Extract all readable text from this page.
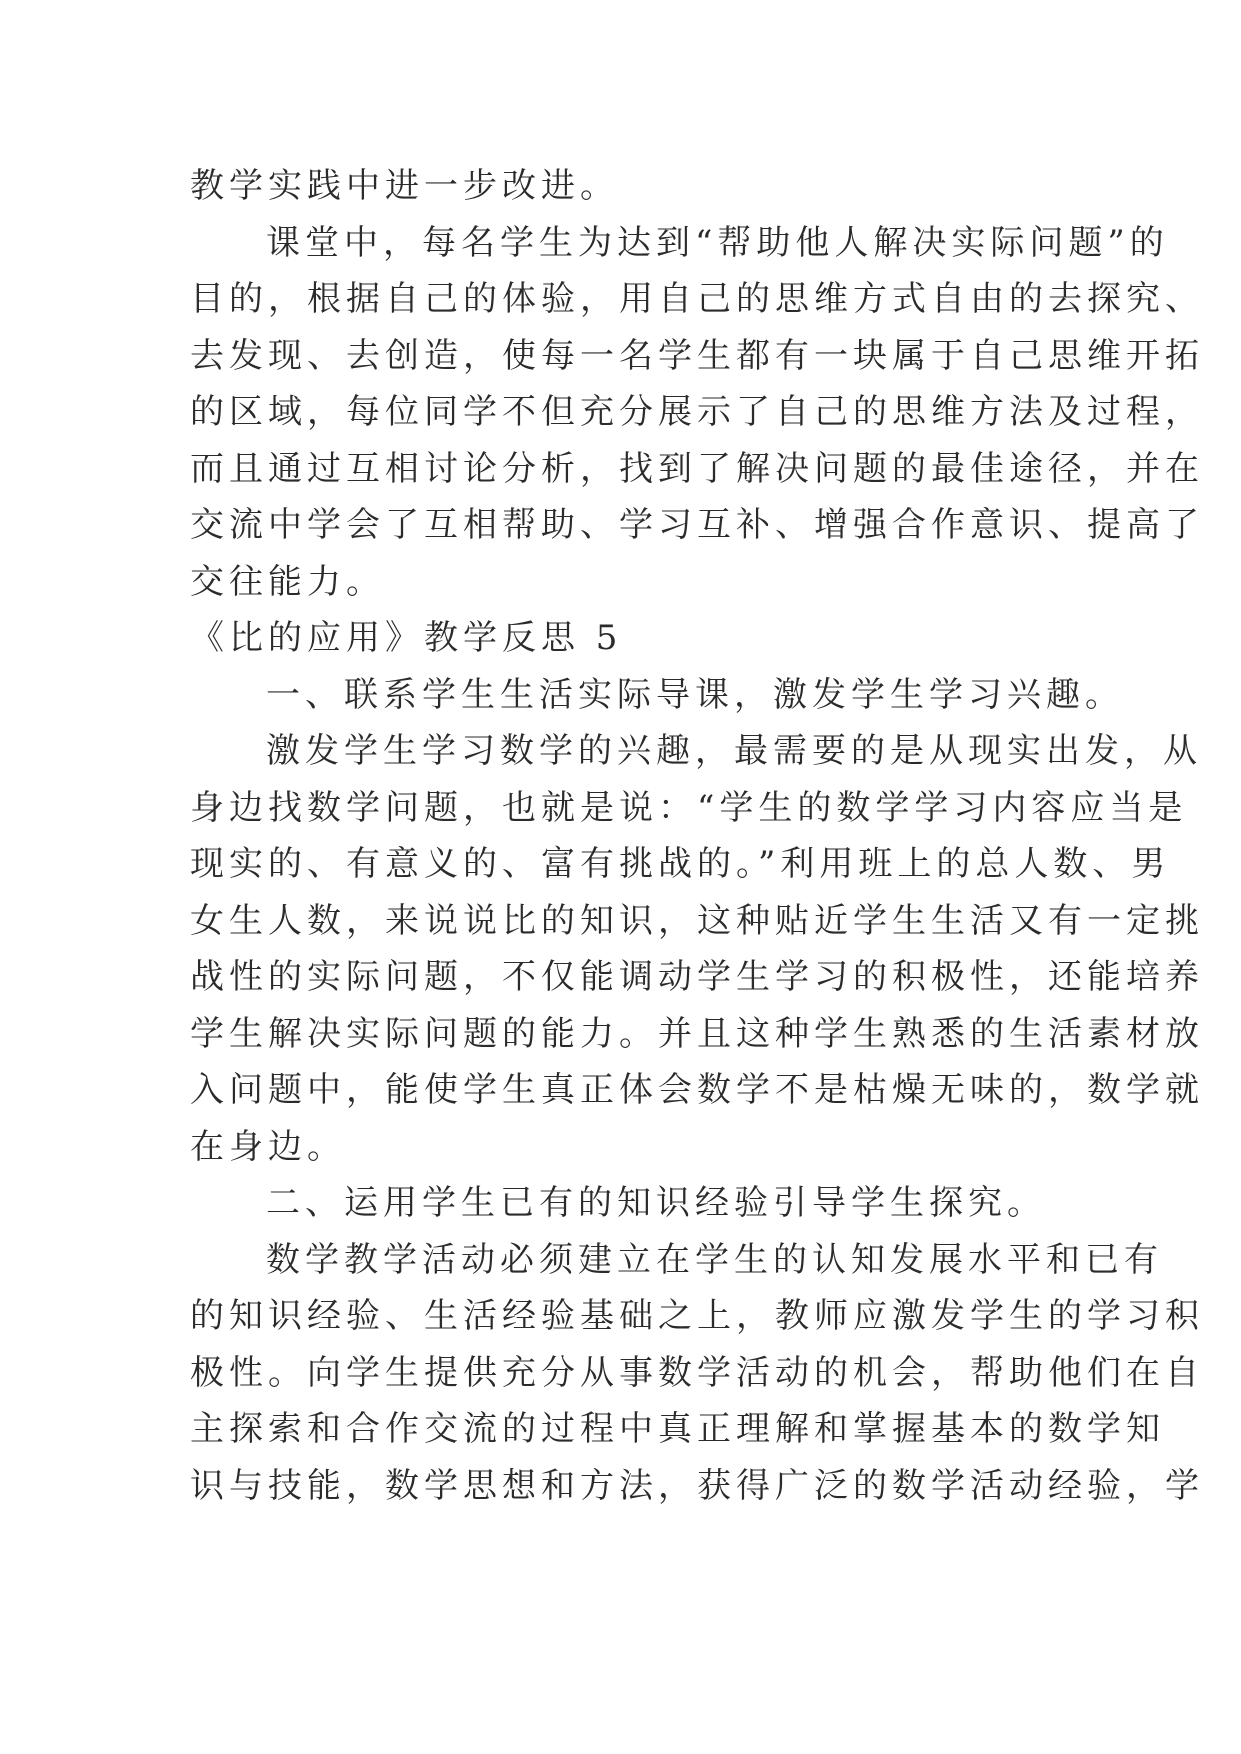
教学实践中进一步改进。
课堂中，每名学生为达到“帮助他人解决实际问题”的
目的，根据自己的体验，用自己的思维方式自由的去探究、
去发现、去创造，使每一名学生都有一块属于自己思维开拓
的区域，每位同学不但充分展示了自己的思维方法及过程，
而且通过互相讨论分析，找到了解决问题的最佳途径，并在
交流中学会了互相帮助、学习互补、增强合作意识、提高了
交往能力。
《比的应用》教学反思 5
一、联系学生生活实际导课，激发学生学习兴趣。
激发学生学习数学的兴趣，最需要的是从现实出发，从
身边找数学问题，也就是说：“学生的数学学习内容应当是
现实的、有意义的、富有挑战的。”利用班上的总人数、男
女生人数，来说说比的知识，这种贴近学生生活又有一定挑
战性的实际问题，不仅能调动学生学习的积极性，还能培养
学生解决实际问题的能力。并且这种学生熟悉的生活素材放
入问题中，能使学生真正体会数学不是枯燥无味的，数学就
在身边。
二、运用学生已有的知识经验引导学生探究。
数学教学活动必须建立在学生的认知发展水平和已有
的知识经验、生活经验基础之上，教师应激发学生的学习积
极性。向学生提供充分从事数学活动的机会，帮助他们在自
主探索和合作交流的过程中真正理解和掌握基本的数学知
识与技能，数学思想和方法，获得广泛的数学活动经验，学
